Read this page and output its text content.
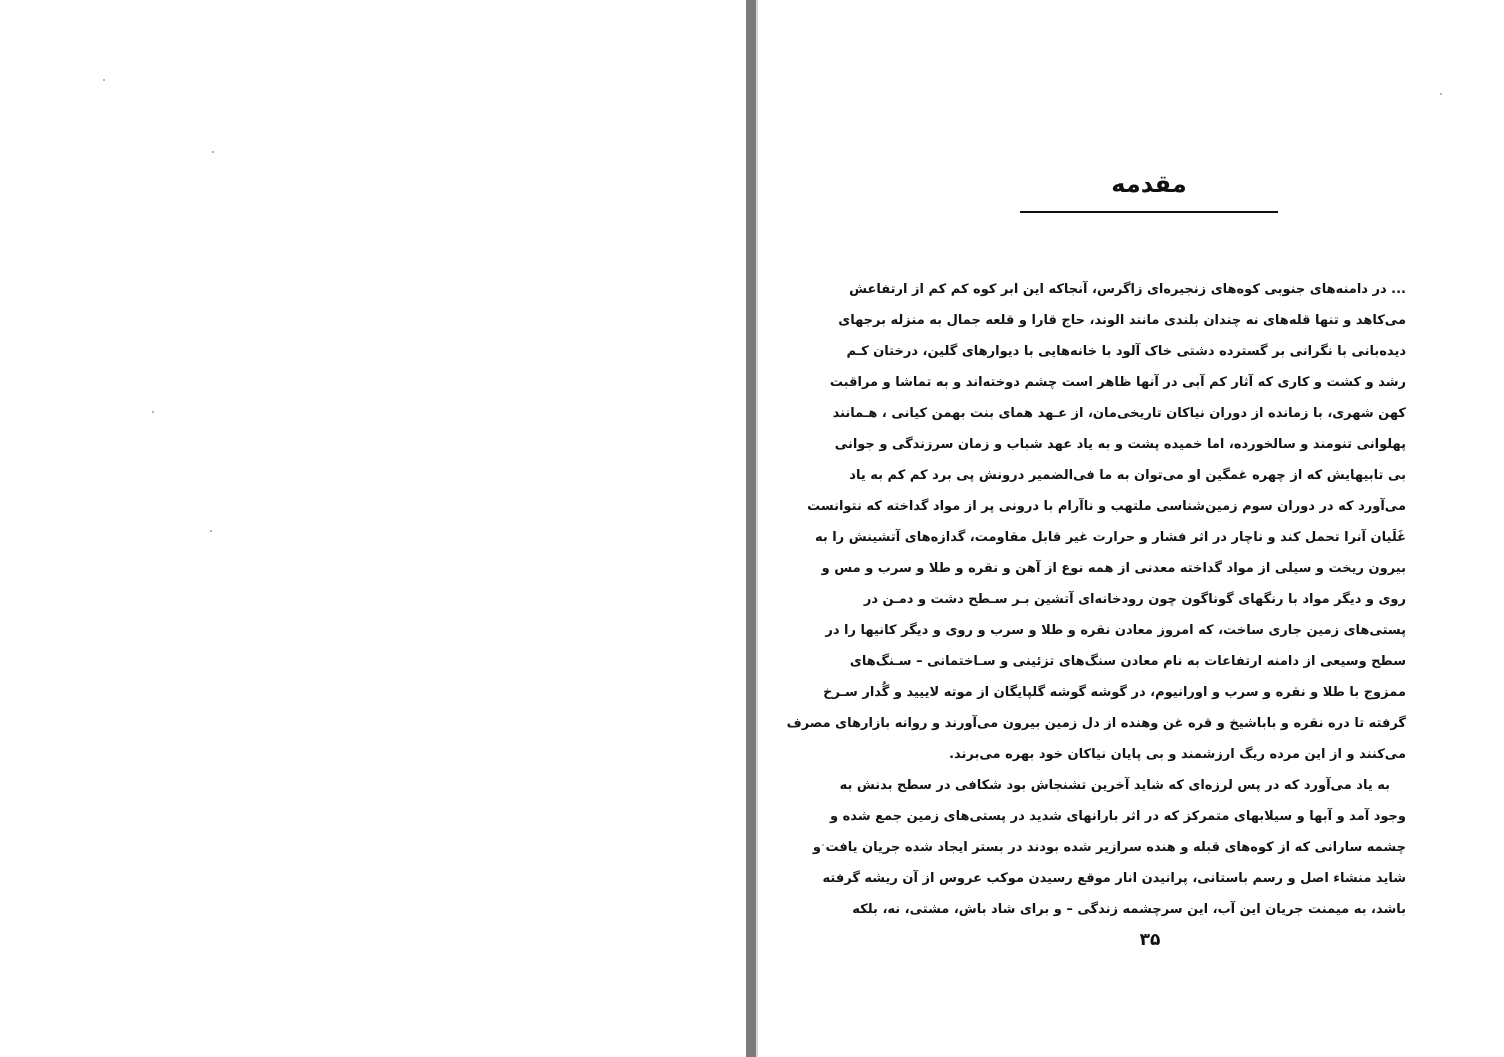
مقدمه
... در دامنه‌های جنوبی کوه‌های زنجیره‌ای زاگرس، آنجاکه این ابر کوه کم کم از ارتفاعش
می‌کاهد و تنها قله‌های نه چندان بلندی مانند الوند، حاج قارا و قلعه جمال به منزله برجهای
دیده‌بانی با نگرانی بر گسترده دشتی خاک آلود با خانه‌هایی با دیوارهای گلین، درختان کـم
رشد و کشت و کاری که آثار کم آبی در آنها ظاهر است چشم دوخته‌اند و به تماشا و مراقبت
کهن شهری، با زمانده از دوران نیاکان تاریخی‌مان، از عـهد همای بنت بهمن کیانی ، هـمانند
پهلوانی تنومند و سالخورده، اما خمیده پشت و به یاد عهد شباب و زمان سرزندگی و جوانی
بی تابیهایش که از چهره غمگین او می‌توان به ما فی‌الضمیر درونش پی برد کم کم به یاد
می‌آورد که در دوران سوم زمین‌شناسی ملتهب و ناآرام با درونی پر از مواد گداخته که نتوانست
غَلَیان آنرا تحمل کند و ناچار در اثر فشار و حرارت غیر قابل مقاومت، گدازه‌های آتشینش را به
بیرون ریخت و سیلی از مواد گداخته معدنی از همه نوع از آهن و نقره و طلا و سرب و مس و
روی و دیگر مواد با رنگهای گوناگون چون رودخانه‌ای آتشین بـر سـطح دشت و دمـن در
پستی‌های زمین جاری ساخت، که امروز معادن نقره و طلا و سرب و روی و دیگر کانیها را در
سطح وسیعی از دامنه ارتفاعات به نام معادن سنگ‌های تزئینی و سـاختمانی – سـنگ‌های
ممزوج با طلا و نقره و سرب و اورانیوم، در گوشه گوشه گلپایگان از موته لاییید و گُدار سـرخ
گرفته تا دره نقره و باباشیخ و قره غن وهنده از دل زمین بیرون می‌آورند و روانه بازارهای مصرف
می‌کنند و از این مرده ریگ ارزشمند و بی پایان نیاکان خود بهره می‌برند.
به یاد می‌آورد که در پس لرزه‌ای که شاید آخرین تشنجاش بود شکافی در سطح بدنش به
وجود آمد و آبها و سیلابهای متمرکز که در اثر بارانهای شدید در پستی‌های زمین جمع شده و
چشمه سارانی که از کوه‌های قبله و هنده سرازیر شده بودند در بستر ایجاد شده جریان یافت و
شاید منشاء اصل و رسم باستانی، پرانیدن انار موقع رسیدن موکب عروس از آن ریشه گرفته
باشد، به میمنت جریان این آب، این سرچشمه زندگی – و برای شاد باش، مشتی، نه، بلکه
۳۵
